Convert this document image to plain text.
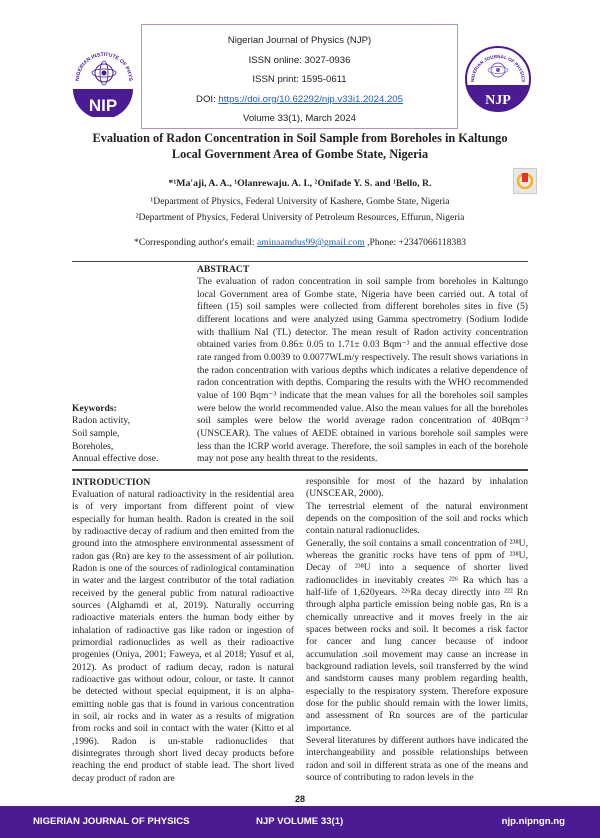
NIGERIAN INSTITUTE OF PHYS
NIP
Nigerian Journal of Physics (NJP)
ISSN online: 3027-0936
ISSN print: 1595-0611
DOI: https://doi.org/10.62292/njp.v33i1.2024.205
Volume 33(1), March 2024
NIGERIAN JOURNAL OF PHYSICS
NJP
Evaluation of Radon Concentration in Soil Sample from Boreholes in Kaltungo Local Government Area of Gombe State, Nigeria
*¹Ma'aji, A. A., ¹Olanrewaju. A. I., ²Onifade Y. S. and ¹Bello, R.
¹Department of Physics, Federal University of Kashere, Gombe State, Nigeria
²Department of Physics, Federal University of Petroleum Resources, Effurun, Nigeria
*Corresponding author's email: aminaamdus99@gmail.com ,Phone: +2347066118383
Keywords:
Radon activity,
Soil sample,
Boreholes,
Annual effective dose.
ABSTRACT
The evaluation of radon concentration in soil sample from boreholes in Kaltungo local Government area of Gombe state, Nigeria have been carried out. A total of fifteen (15) soil samples were collected from different boreholes sites in five (5) different locations and were analyzed using Gamma spectrometry (Sodium Iodide with thallium NaI (TL) detector. The mean result of Radon activity concentration obtained varies from 0.86± 0.05 to 1.71± 0.03 Bqm⁻³ and the annual effective dose rate ranged from 0.0039 to 0.0077WLm/y respectively. The result shows variations in the radon concentration with various depths which indicates a relative dependence of radon concentration with depths. Comparing the results with the WHO recommended value of 100 Bqm⁻³ indicate that the mean values for all the boreholes soil samples were below the world recommended value. Also the mean values for all the boreholes soil samples were below the world average radon concentration of 40Bqm⁻³ (UNSCEAR). The values of AEDE obtained in various borehole soil samples were less than the ICRP world average. Therefore, the soil samples in each of the borehole may not pose any health threat to the residents.
INTRODUCTION

Evaluation of natural radioactivity in the residential area is of very important from different point of view especially for human health. Radon is created in the soil by radioactive decay of radium and then emitted from the ground into the atmosphere environmental assessment of radon gas (Rn) are key to the assessment of air pollution. Radon is one of the sources of radiological contamination in water and the largest contributor of the total radiation received by the general public from natural radioactive sources (Alghamdi et al, 2019). Naturally occurring radioactive materials enters the human body either by inhalation of radioactive gas like radon or ingestion of primordial radionuclides as well as their radioactive progenies (Oniya, 2001; Faweya, et al 2018; Yusuf et al, 2012). As product of radium decay, radon is natural radioactive gas without odour, colour, or taste. It cannot be detected without special equipment, it is an alpha-emitting noble gas that is found in various concentration in soil, air rocks and in water as a results of migration from rocks and soil in contact with the water (Kitto et al ,1996). Radon is un-stable radionuclides that disintegrates through short lived decay products before reaching the end product of stable lead. The short lived decay product of radon are

responsible for most of the hazard by inhalation (UNSCEAR, 2000).

The terrestrial element of the natural environment depends on the composition of the soil and rocks which contain natural radionuclides.

Generally, the soil contains a small concentration of ²³⁸U, whereas the granitic rocks have tens of ppm of ²³⁸U, Decay of ²³⁸U into a sequence of shorter lived radionuclides in inevitably creates ²²⁶ Ra which has a half-life of 1,620years. ²²⁶Ra decay directly into ²²² Rn through alpha particle emission being noble gas, Rn is a chemically unreactive and it moves freely in the air spaces between rocks and soil. It becomes a risk factor for cancer and lung cancer because of indoor accumulation .soil movement may cause an increase in background radiation levels, soil transferred by the wind and sandstorm causes many problem regarding health, especially to the respiratory system. Therefore exposure dose for the public should remain with the lower limits, and assessment of Rn sources are of the particular importance.

Several literatures by different authors have indicated the interchangeability and possible relationships between radon and soil in different strata as one of the means and source of contributing to radon levels in the

28
NIGERIAN JOURNAL OF PHYSICS	NJP VOLUME 33(1)	njp.nipngn.ng
